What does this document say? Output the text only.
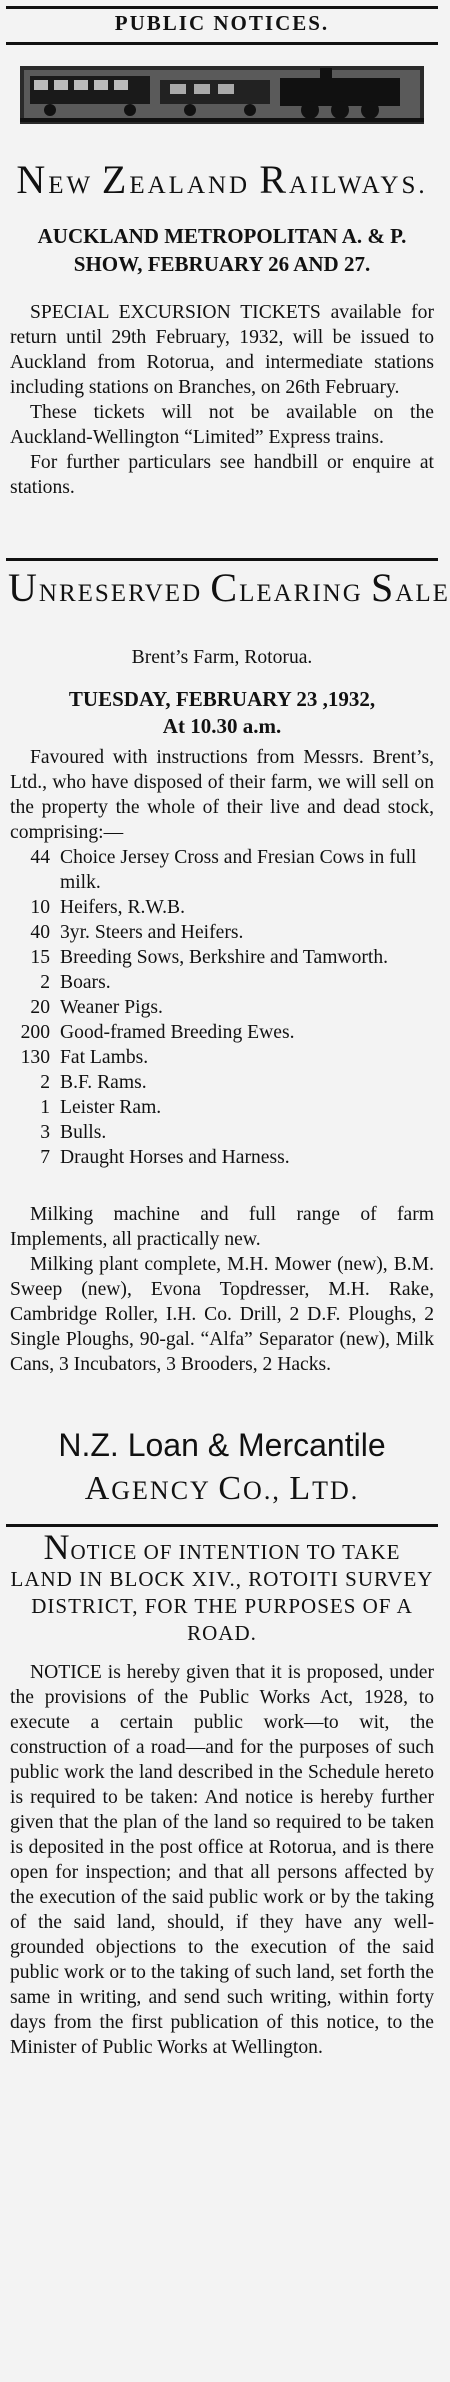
PUBLIC NOTICES.
NEW ZEALAND RAILWAYS.
AUCKLAND METROPOLITAN A. & P. SHOW, FEBRUARY 26 AND 27.

SPECIAL EXCURSION TICKETS available for return until 29th February, 1932, will be issued to Auckland from Rotorua, and intermediate stations including stations on Branches, on 26th February.

These tickets will not be available on the Auckland-Wellington “Limited” Express trains.

For further particulars see handbill or enquire at stations.

UNRESERVED CLEARING SALE
Brent’s Farm, Rotorua.
TUESDAY, FEBRUARY 23 ,1932,
At 10.30 a.m.

Favoured with instructions from Messrs. Brent’s, Ltd., who have disposed of their farm, we will sell on the property the whole of their live and dead stock, comprising:—

44 Choice Jersey Cross and Fresian Cows in full milk.
10 Heifers, R.W.B.
40 3yr. Steers and Heifers.
15 Breeding Sows, Berkshire and Tamworth.
2 Boars.
20 Weaner Pigs.
200 Good-framed Breeding Ewes.
130 Fat Lambs.
2 B.F. Rams.
1 Leister Ram.
3 Bulls.
7 Draught Horses and Harness.

Milking machine and full range of farm Implements, all practically new.

Milking plant complete, M.H. Mower (new), B.M. Sweep (new), Evona Topdresser, M.H. Rake, Cambridge Roller, I.H. Co. Drill, 2 D.F. Ploughs, 2 Single Ploughs, 90-gal. “Alfa” Separator (new), Milk Cans, 3 Incubators, 3 Brooders, 2 Hacks.

N.Z. Loan & Mercantile
AGENCY CO., LTD.
NOTICE OF INTENTION TO TAKE LAND IN BLOCK XIV., ROTOITI SURVEY DISTRICT, FOR THE PURPOSES OF A ROAD.

NOTICE is hereby given that it is proposed, under the provisions of the Public Works Act, 1928, to execute a certain public work—to wit, the construction of a road—and for the purposes of such public work the land described in the Schedule hereto is required to be taken: And notice is hereby further given that the plan of the land so required to be taken is deposited in the post office at Rotorua, and is there open for inspection; and that all persons affected by the execution of the said public work or by the taking of the said land, should, if they have any well-grounded objections to the execution of the said public work or to the taking of such land, set forth the same in writing, and send such writing, within forty days from the first publication of this notice, to the Minister of Public Works at Wellington.
